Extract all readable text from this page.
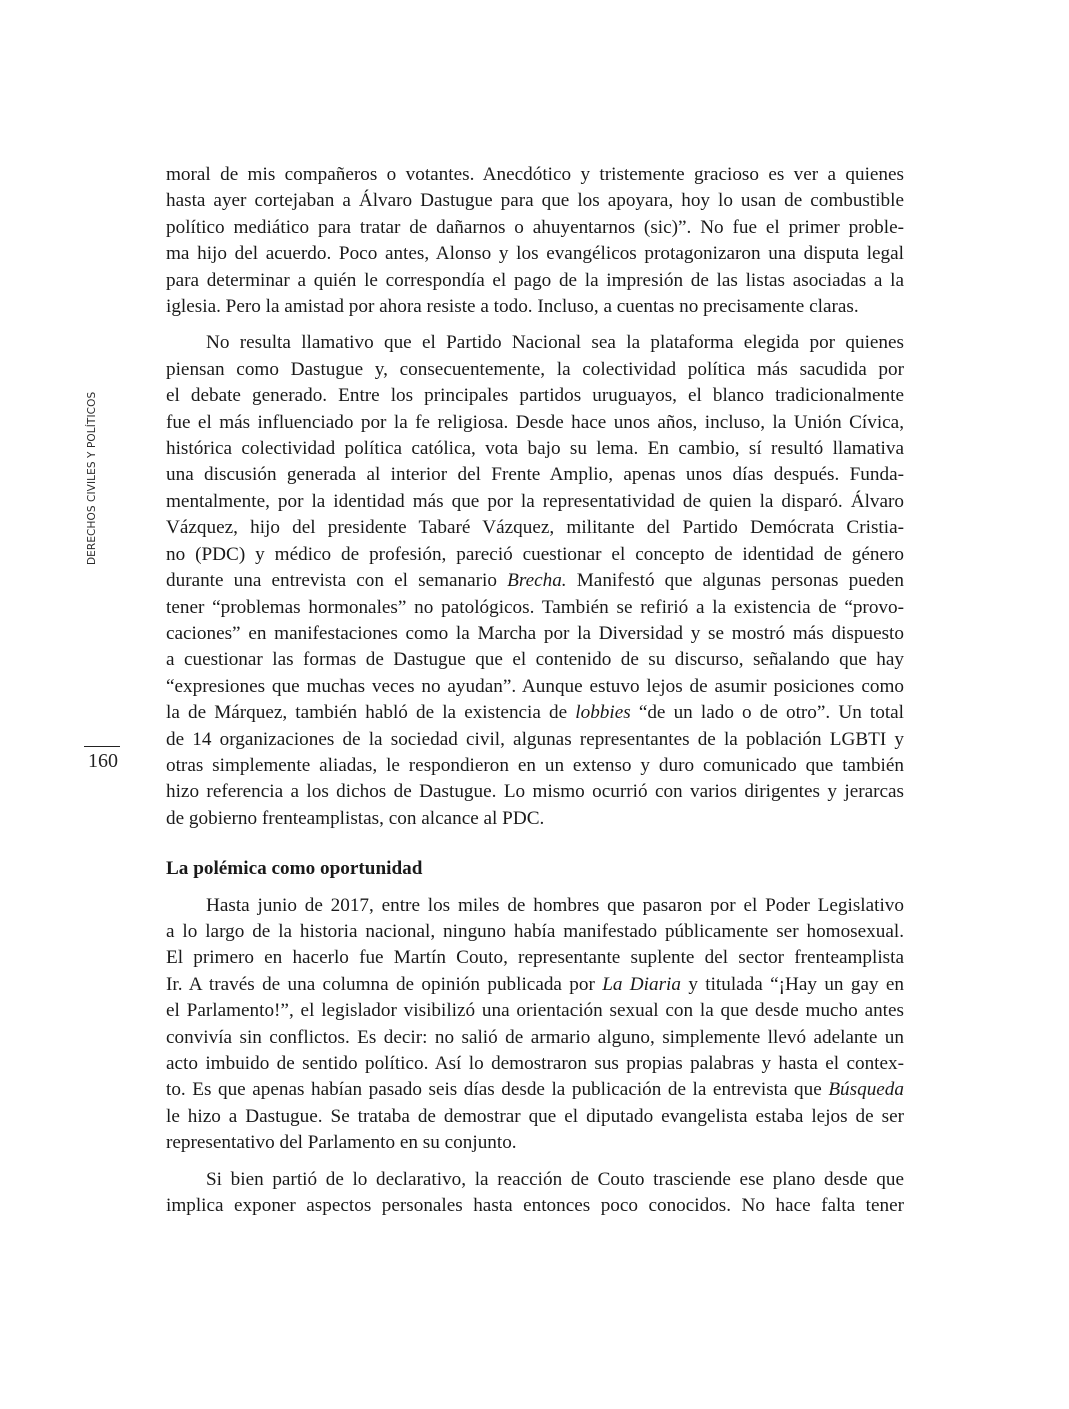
DERECHOS CIVILES Y POLÍTICOS
160

moral de mis compañeros o votantes. Anecdótico y tristemente gracioso es ver a quienes
hasta ayer cortejaban a Álvaro Dastugue para que los apoyara, hoy lo usan de combustible
político mediático para tratar de dañarnos o ahuyentarnos (sic)”. No fue el primer proble-
ma hijo del acuerdo. Poco antes, Alonso y los evangélicos protagonizaron una disputa legal
para determinar a quién le correspondía el pago de la impresión de las listas asociadas a la
iglesia. Pero la amistad por ahora resiste a todo. Incluso, a cuentas no precisamente claras.

No resulta llamativo que el Partido Nacional sea la plataforma elegida por quienes
piensan como Dastugue y, consecuentemente, la colectividad política más sacudida por
el debate generado. Entre los principales partidos uruguayos, el blanco tradicionalmente
fue el más influenciado por la fe religiosa. Desde hace unos años, incluso, la Unión Cívica,
histórica colectividad política católica, vota bajo su lema. En cambio, sí resultó llamativa
una discusión generada al interior del Frente Amplio, apenas unos días después. Funda-
mentalmente, por la identidad más que por la representatividad de quien la disparó. Álvaro
Vázquez, hijo del presidente Tabaré Vázquez, militante del Partido Demócrata Cristia-
no (PDC) y médico de profesión, pareció cuestionar el concepto de identidad de género
durante una entrevista con el semanario Brecha. Manifestó que algunas personas pueden
tener “problemas hormonales” no patológicos. También se refirió a la existencia de “provo-
caciones” en manifestaciones como la Marcha por la Diversidad y se mostró más dispuesto
a cuestionar las formas de Dastugue que el contenido de su discurso, señalando que hay
“expresiones que muchas veces no ayudan”. Aunque estuvo lejos de asumir posiciones como
la de Márquez, también habló de la existencia de lobbies “de un lado o de otro”. Un total
de 14 organizaciones de la sociedad civil, algunas representantes de la población LGBTI y
otras simplemente aliadas, le respondieron en un extenso y duro comunicado que también
hizo referencia a los dichos de Dastugue. Lo mismo ocurrió con varios dirigentes y jerarcas
de gobierno frenteamplistas, con alcance al PDC.

La polémica como oportunidad

Hasta junio de 2017, entre los miles de hombres que pasaron por el Poder Legislativo
a lo largo de la historia nacional, ninguno había manifestado públicamente ser homosexual.
El primero en hacerlo fue Martín Couto, representante suplente del sector frenteamplista
Ir. A través de una columna de opinión publicada por La Diaria y titulada “¡Hay un gay en
el Parlamento!”, el legislador visibilizó una orientación sexual con la que desde mucho antes
convivía sin conflictos. Es decir: no salió de armario alguno, simplemente llevó adelante un
acto imbuido de sentido político. Así lo demostraron sus propias palabras y hasta el contex-
to. Es que apenas habían pasado seis días desde la publicación de la entrevista que Búsqueda
le hizo a Dastugue. Se trataba de demostrar que el diputado evangelista estaba lejos de ser
representativo del Parlamento en su conjunto.

Si bien partió de lo declarativo, la reacción de Couto trasciende ese plano desde que
implica exponer aspectos personales hasta entonces poco conocidos. No hace falta tener
